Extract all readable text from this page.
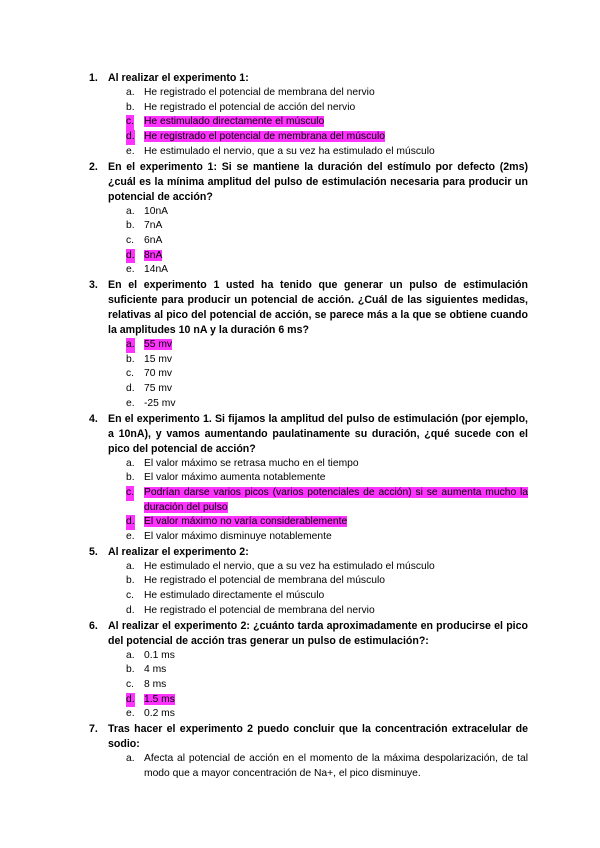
1. Al realizar el experimento 1:
a. He registrado el potencial de membrana del nervio
b. He registrado el potencial de acción del nervio
c. He estimulado directamente el músculo
d. He registrado el potencial de membrana del músculo
e. He estimulado el nervio, que a su vez ha estimulado el músculo
2. En el experimento 1: Si se mantiene la duración del estímulo por defecto (2ms) ¿cuál es la mínima amplitud del pulso de estimulación necesaria para producir un potencial de acción?
a. 10nA
b. 7nA
c. 6nA
d. 8nA
e. 14nA
3. En el experimento 1 usted ha tenido que generar un pulso de estimulación suficiente para producir un potencial de acción. ¿Cuál de las siguientes medidas, relativas al pico del potencial de acción, se parece más a la que se obtiene cuando la amplitudes 10 nA y la duración 6 ms?
a. 55 mv
b. 15 mv
c. 70 mv
d. 75 mv
e. -25 mv
4. En el experimento 1. Si fijamos la amplitud del pulso de estimulación (por ejemplo, a 10nA), y vamos aumentando paulatinamente su duración, ¿qué sucede con el pico del potencial de acción?
a. El valor máximo se retrasa mucho en el tiempo
b. El valor máximo aumenta notablemente
c. Podrían darse varios picos (varios potenciales de acción) si se aumenta mucho la duración del pulso
d. El valor máximo no varía considerablemente
e. El valor máximo disminuye notablemente
5. Al realizar el experimento 2:
a. He estimulado el nervio, que a su vez ha estimulado el músculo
b. He registrado el potencial de membrana del músculo
c. He estimulado directamente el músculo
d. He registrado el potencial de membrana del nervio
6. Al realizar el experimento 2: ¿cuánto tarda aproximadamente en producirse el pico del potencial de acción tras generar un pulso de estimulación?:
a. 0.1 ms
b. 4 ms
c. 8 ms
d. 1.5 ms
e. 0.2 ms
7. Tras hacer el experimento 2 puedo concluir que la concentración extracelular de sodio:
a. Afecta al potencial de acción en el momento de la máxima despolarización, de tal modo que a mayor concentración de Na+, el pico disminuye.
